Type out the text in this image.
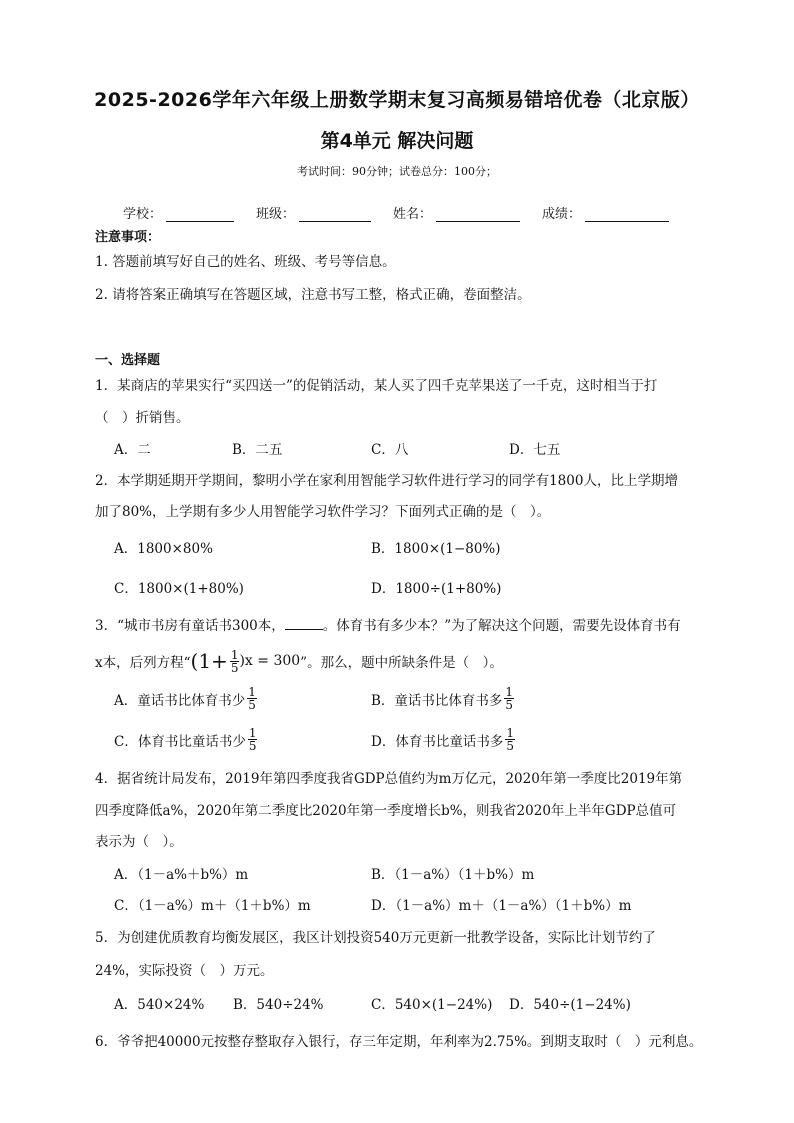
2025-2026学年六年级上册数学期末复习高频易错培优卷（北京版）
第4单元 解决问题
考试时间：90分钟；试卷总分：100分；
学校：	班级：	姓名：	成绩：
注意事项：
1. 答题前填写好自己的姓名、班级、考号等信息。
2. 请将答案正确填写在答题区域，注意书写工整，格式正确，卷面整洁。
一、选择题
1．某商店的苹果实行“买四送一”的促销活动，某人买了四千克苹果送了一千克，这时相当于打
（　）折销售。
A．二	B．二五	C．八	D．七五
2．本学期延期开学期间，黎明小学在家利用智能学习软件进行学习的同学有1800人，比上学期增
加了80%，上学期有多少人用智能学习软件学习？下面列式正确的是（　）。
A．1800×80%	B．1800×(1−80%)
C．1800×(1+80%)	D．1800÷(1+80%)
3．“城市书房有童话书300本，	。体育书有多少本？”为了解决这个问题，需要先设体育书有
x本，后列方程“ $(1+ \frac{1}{5} )x = 300$ ”。那么，题中所缺条件是（　）。
A．童话书比体育书少 $\frac{1}{5}$	B．童话书比体育书多 $\frac{1}{5}$
C．体育书比童话书少 $\frac{1}{5}$	D．体育书比童话书多 $\frac{1}{5}$
4．据省统计局发布，2019年第四季度我省GDP总值约为m万亿元，2020年第一季度比2019年第
四季度降低a%，2020年第二季度比2020年第一季度增长b%，则我省2020年上半年GDP总值可
表示为（　）。
A．（1－a%＋b%）m	B．（1－a%）（1＋b%）m
C．（1－a%）m＋（1＋b%）m	D．（1－a%）m＋（1－a%）（1＋b%）m
5．为创建优质教育均衡发展区，我区计划投资540万元更新一批教学设备，实际比计划节约了
24%，实际投资（　）万元。
A．540×24% B．540÷24%	C．540×(1−24%) D．540÷(1−24%)
6．爷爷把40000元按整存整取存入银行，存三年定期，年利率为2.75%。到期支取时（　）元利息。
